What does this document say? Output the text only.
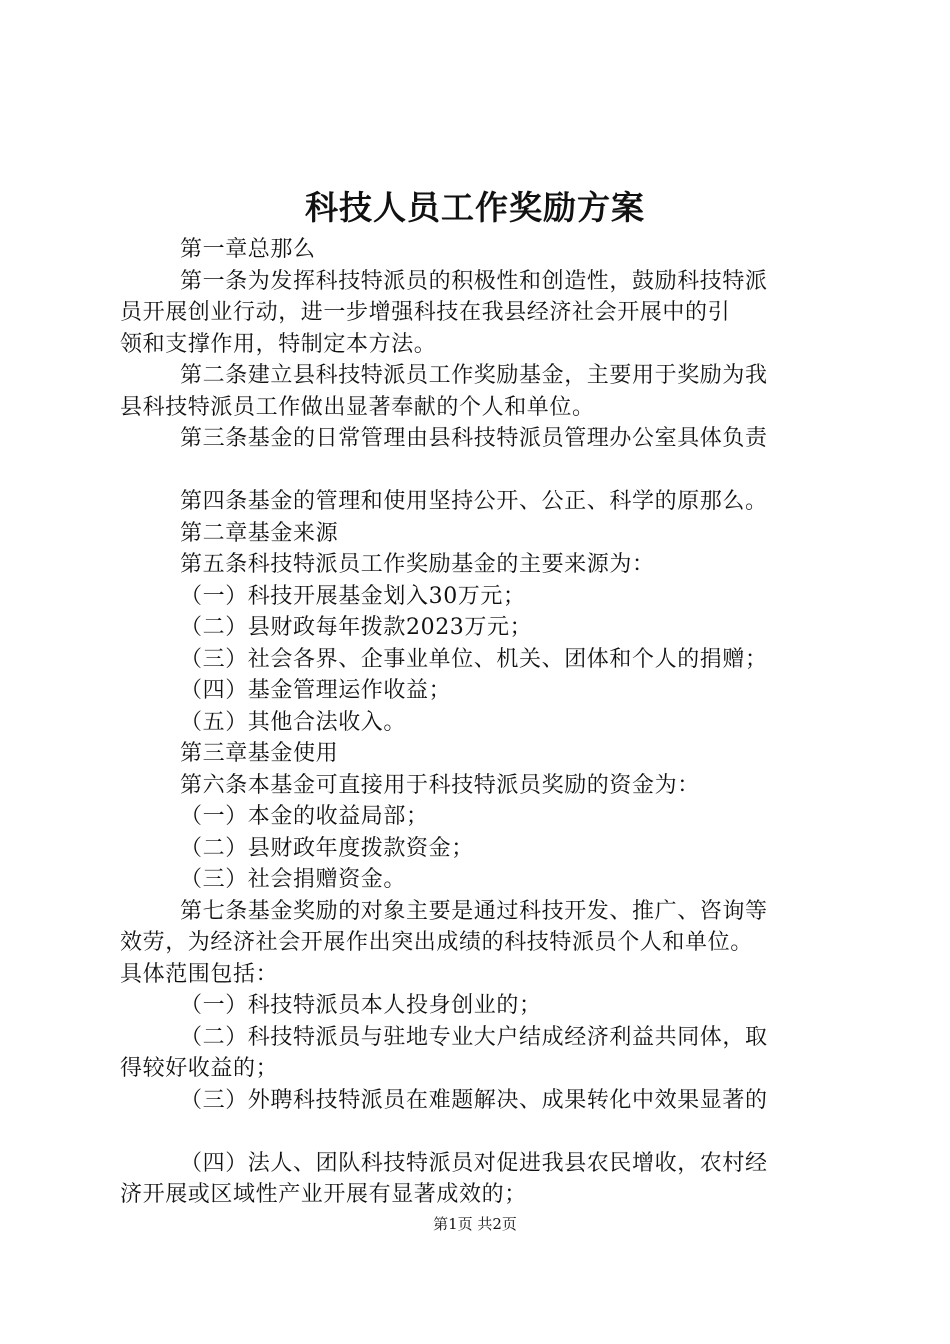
科技人员工作奖励方案

第一章总那么

第一条为发挥科技特派员的积极性和创造性，鼓励科技特派

员开展创业行动，进一步增强科技在我县经济社会开展中的引

领和支撑作用，特制定本方法。

第二条建立县科技特派员工作奖励基金，主要用于奖励为我

县科技特派员工作做出显著奉献的个人和单位。

第三条基金的日常管理由县科技特派员管理办公室具体负责

第四条基金的管理和使用坚持公开、公正、科学的原那么。

第二章基金来源

第五条科技特派员工作奖励基金的主要来源为：

（一）科技开展基金划入30万元；

（二）县财政每年拨款2023万元；

（三）社会各界、企事业单位、机关、团体和个人的捐赠；

（四）基金管理运作收益；

（五）其他合法收入。

第三章基金使用

第六条本基金可直接用于科技特派员奖励的资金为：

（一）本金的收益局部；

（二）县财政年度拨款资金；

（三）社会捐赠资金。

第七条基金奖励的对象主要是通过科技开发、推广、咨询等

效劳，为经济社会开展作出突出成绩的科技特派员个人和单位。

具体范围包括：

（一）科技特派员本人投身创业的；

（二）科技特派员与驻地专业大户结成经济利益共同体，取

得较好收益的；

（三）外聘科技特派员在难题解决、成果转化中效果显著的

（四）法人、团队科技特派员对促进我县农民增收，农村经

济开展或区域性产业开展有显著成效的；

第1页 共2页
